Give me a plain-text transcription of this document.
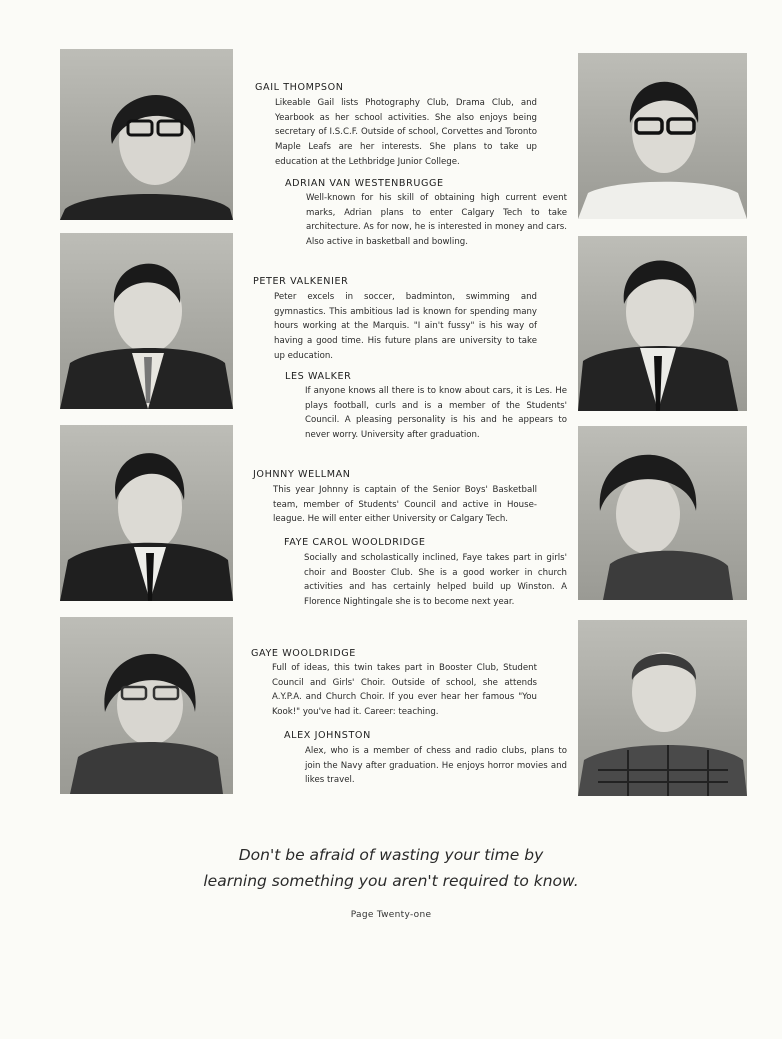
GAIL THOMPSON
Likeable Gail lists Photography Club, Drama Club, and Yearbook as her school activities. She also enjoys being secretary of I.S.C.F. Outside of school, Corvettes and Toronto Maple Leafs are her interests. She plans to take up education at the Lethbridge Junior College.
ADRIAN VAN WESTENBRUGGE
Well-known for his skill of obtaining high current event marks, Adrian plans to enter Calgary Tech to take architecture. As for now, he is interested in money and cars. Also active in basketball and bowling.
PETER VALKENIER
Peter excels in soccer, badminton, swimming and gymnastics. This ambitious lad is known for spending many hours working at the Marquis. "I ain't fussy" is his way of having a good time. His future plans are university to take up education.
LES WALKER
If anyone knows all there is to know about cars, it is Les. He plays football, curls and is a member of the Students' Council. A pleasing personality is his and he appears to never worry. University after graduation.
JOHNNY WELLMAN
This year Johnny is captain of the Senior Boys' Basketball team, member of Students' Council and active in House-league. He will enter either University or Calgary Tech.
FAYE CAROL WOOLDRIDGE
Socially and scholastically inclined, Faye takes part in girls' choir and Booster Club. She is a good worker in church activities and has certainly helped build up Winston. A Florence Nightingale she is to become next year.
GAYE WOOLDRIDGE
Full of ideas, this twin takes part in Booster Club, Student Council and Girls' Choir. Outside of school, she attends A.Y.P.A. and Church Choir. If you ever hear her famous "You Kook!" you've had it. Career: teaching.
ALEX JOHNSTON
Alex, who is a member of chess and radio clubs, plans to join the Navy after graduation. He enjoys horror movies and likes travel.
Don't be afraid of wasting your time by
learning something you aren't required to know.
Page Twenty-one
